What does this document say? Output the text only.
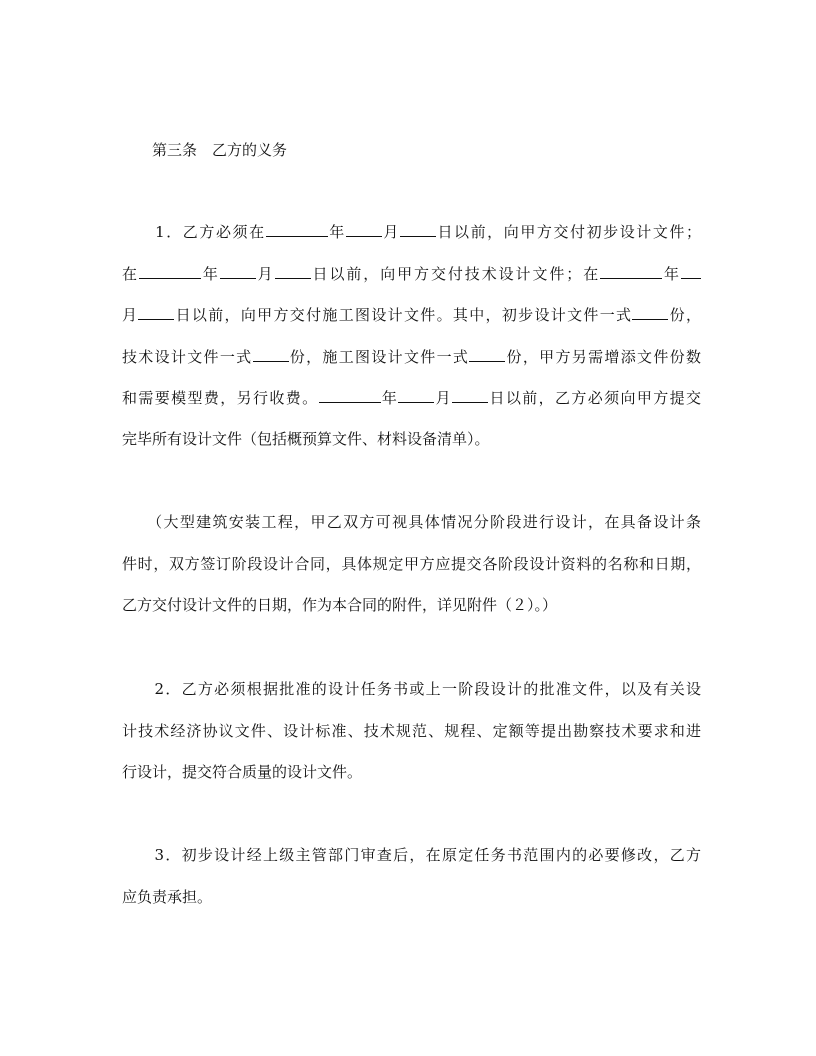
第三条　乙方的义务
　　1．乙方必须在	年 月 日以前，向甲方交付初步设计文件；
在	年 月 日以前，向甲方交付技术设计文件；在	年
月 日以前，向甲方交付施工图设计文件。其中，初步设计文件一式 份，
技术设计文件一式 份，施工图设计文件一式 份，甲方另需增添文件份数
和需要模型费，另行收费。	年 月 日以前，乙方必须向甲方提交
完毕所有设计文件（包括概预算文件、材料设备清单）。
　　（大型建筑安装工程，甲乙双方可视具体情况分阶段进行设计，在具备设计条
件时，双方签订阶段设计合同，具体规定甲方应提交各阶段设计资料的名称和日期，
乙方交付设计文件的日期，作为本合同的附件，详见附件（２）。）
　　2．乙方必须根据批准的设计任务书或上一阶段设计的批准文件，以及有关设
计技术经济协议文件、设计标准、技术规范、规程、定额等提出勘察技术要求和进
行设计，提交符合质量的设计文件。
　　3．初步设计经上级主管部门审查后，在原定任务书范围内的必要修改，乙方
应负责承担。
